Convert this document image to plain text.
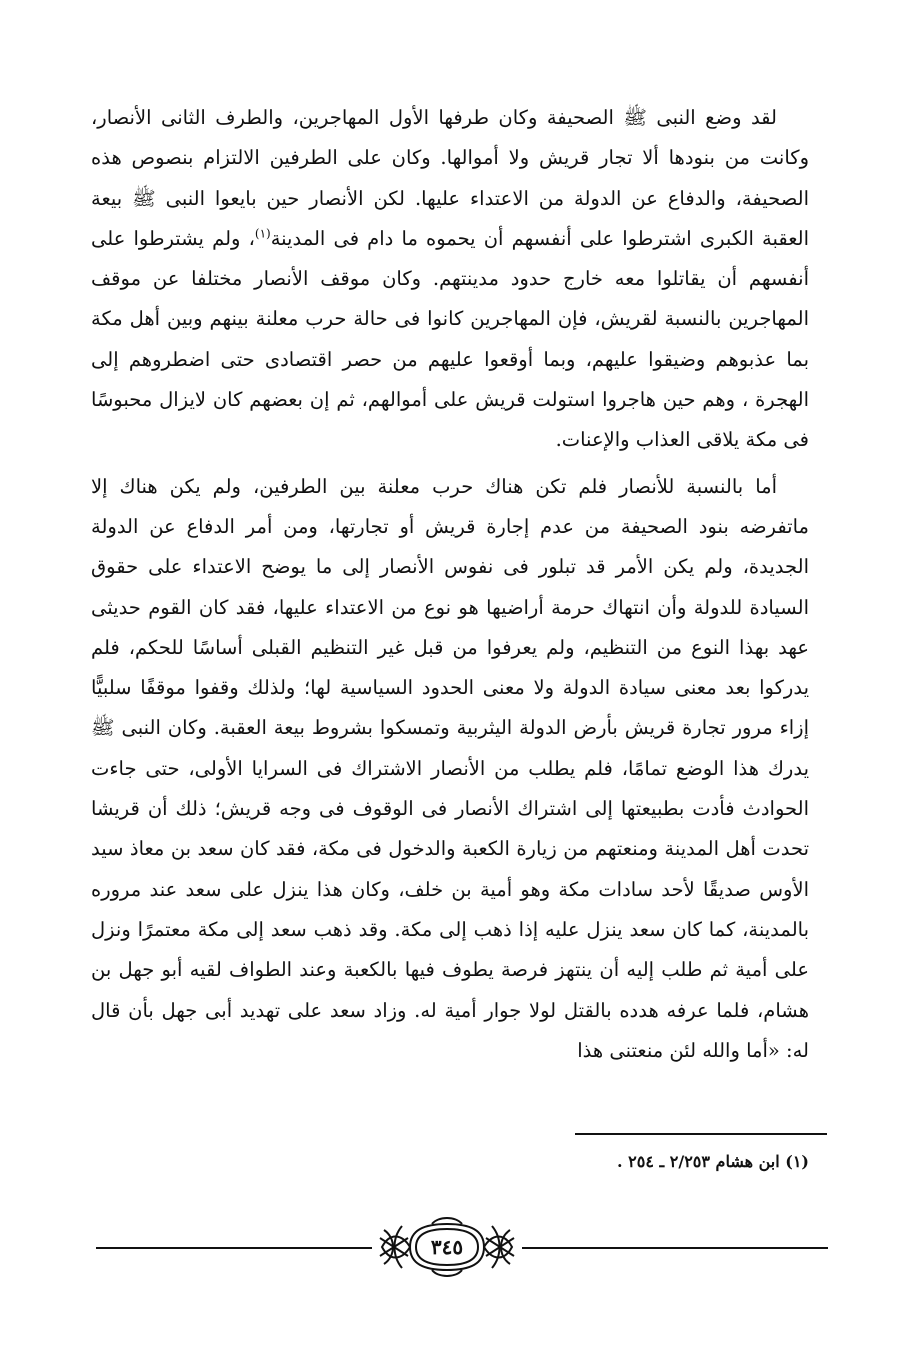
لقد وضع النبى ﷺ الصحيفة وكان طرفها الأول المهاجرين، والطرف الثانى الأنصار، وكانت من بنودها ألا تجار قريش ولا أموالها. وكان على الطرفين الالتزام بنصوص هذه الصحيفة، والدفاع عن الدولة من الاعتداء عليها. لكن الأنصار حين بايعوا النبى ﷺ بيعة العقبة الكبرى اشترطوا على أنفسهم أن يحموه ما دام فى المدينة$^{(١)}$، ولم يشترطوا على أنفسهم أن يقاتلوا معه خارج حدود مدينتهم. وكان موقف الأنصار مختلفا عن موقف المهاجرين بالنسبة لقريش، فإن المهاجرين كانوا فى حالة حرب معلنة بينهم وبين أهل مكة بما عذبوهم وضيقوا عليهم، وبما أوقعوا عليهم من حصر اقتصادى حتى اضطروهم إلى الهجرة ، وهم حين هاجروا استولت قريش على أموالهم، ثم إن بعضهم كان لايزال محبوسًا فى مكة يلاقى العذاب والإعنات.

أما بالنسبة للأنصار فلم تكن هناك حرب معلنة بين الطرفين، ولم يكن هناك إلا ماتفرضه بنود الصحيفة من عدم إجارة قريش أو تجارتها، ومن أمر الدفاع عن الدولة الجديدة، ولم يكن الأمر قد تبلور فى نفوس الأنصار إلى ما يوضح الاعتداء على حقوق السيادة للدولة وأن انتهاك حرمة أراضيها هو نوع من الاعتداء عليها، فقد كان القوم حديثى عهد بهذا النوع من التنظيم، ولم يعرفوا من قبل غير التنظيم القبلى أساسًا للحكم، فلم يدركوا بعد معنى سيادة الدولة ولا معنى الحدود السياسية لها؛ ولذلك وقفوا موقفًا سلبيًّا إزاء مرور تجارة قريش بأرض الدولة اليثربية وتمسكوا بشروط بيعة العقبة. وكان النبى ﷺ يدرك هذا الوضع تمامًا، فلم يطلب من الأنصار الاشتراك فى السرايا الأولى، حتى جاءت الحوادث فأدت بطبيعتها إلى اشتراك الأنصار فى الوقوف فى وجه قريش؛ ذلك أن قريشا تحدت أهل المدينة ومنعتهم من زيارة الكعبة والدخول فى مكة، فقد كان سعد بن معاذ سيد الأوس صديقًا لأحد سادات مكة وهو أمية بن خلف، وكان هذا ينزل على سعد عند مروره بالمدينة، كما كان سعد ينزل عليه إذا ذهب إلى مكة. وقد ذهب سعد إلى مكة معتمرًا ونزل على أمية ثم طلب إليه أن ينتهز فرصة يطوف فيها بالكعبة وعند الطواف لقيه أبو جهل بن هشام، فلما عرفه هدده بالقتل لولا جوار أمية له. وزاد سعد على تهديد أبى جهل بأن قال له: «أما والله لئن منعتنى هذا

(١) ابن هشام ٢/٢٥٣ ـ ٢٥٤ .
٣٤٥
